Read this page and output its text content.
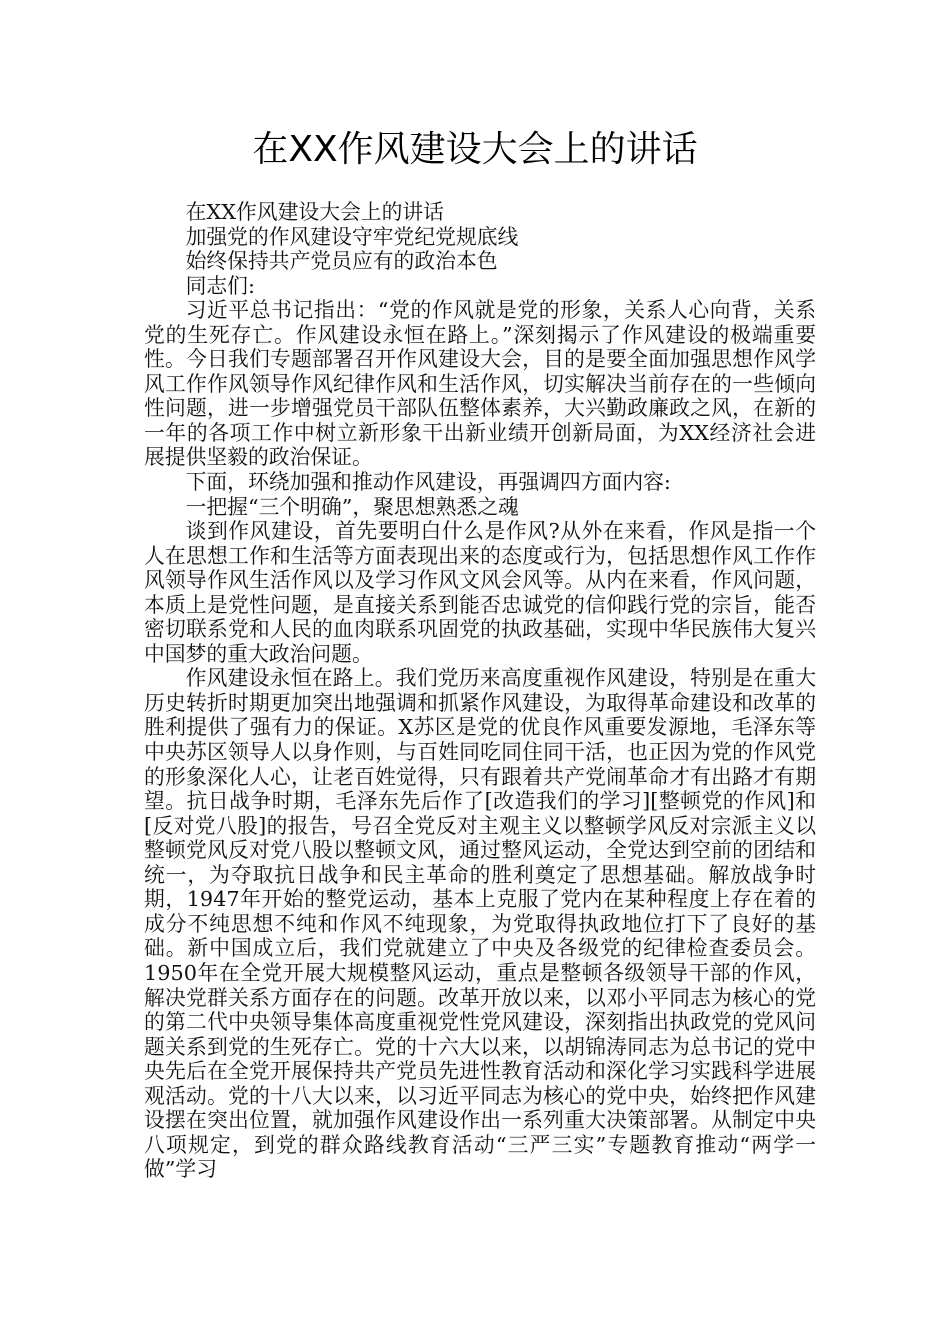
在XX作风建设大会上的讲话

在XX作风建设大会上的讲话

加强党的作风建设守牢党纪党规底线

始终保持共产党员应有的政治本色

同志们:

习近平总书记指出：“党的作风就是党的形象，关系人心向背，关系党的生死存亡。作风建设永恒在路上。”深刻揭示了作风建设的极端重要性。今日我们专题部署召开作风建设大会，目的是要全面加强思想作风学风工作作风领导作风纪律作风和生活作风，切实解决当前存在的一些倾向性问题，进一步增强党员干部队伍整体素养，大兴勤政廉政之风，在新的一年的各项工作中树立新形象干出新业绩开创新局面，为XX经济社会进展提供坚毅的政治保证。

下面，环绕加强和推动作风建设，再强调四方面内容:

一把握“三个明确”，聚思想熟悉之魂

谈到作风建设，首先要明白什么是作风?从外在来看，作风是指一个人在思想工作和生活等方面表现出来的态度或行为，包括思想作风工作作风领导作风生活作风以及学习作风文风会风等。从内在来看，作风问题，本质上是党性问题，是直接关系到能否忠诚党的信仰践行党的宗旨，能否密切联系党和人民的血肉联系巩固党的执政基础，实现中华民族伟大复兴中国梦的重大政治问题。

作风建设永恒在路上。我们党历来高度重视作风建设，特别是在重大历史转折时期更加突出地强调和抓紧作风建设，为取得革命建设和改革的胜利提供了强有力的保证。X苏区是党的优良作风重要发源地，毛泽东等中央苏区领导人以身作则，与百姓同吃同住同干活，也正因为党的作风党的形象深化人心，让老百姓觉得，只有跟着共产党闹革命才有出路才有期望。抗日战争时期，毛泽东先后作了[改造我们的学习][整顿党的作风]和[反对党八股]的报告，号召全党反对主观主义以整顿学风反对宗派主义以整顿党风反对党八股以整顿文风，通过整风运动，全党达到空前的团结和统一，为夺取抗日战争和民主革命的胜利奠定了思想基础。解放战争时期，1947年开始的整党运动，基本上克服了党内在某种程度上存在着的成分不纯思想不纯和作风不纯现象，为党取得执政地位打下了良好的基础。新中国成立后，我们党就建立了中央及各级党的纪律检查委员会。1950年在全党开展大规模整风运动，重点是整顿各级领导干部的作风，解决党群关系方面存在的问题。改革开放以来，以邓小平同志为核心的党的第二代中央领导集体高度重视党性党风建设，深刻指出执政党的党风问题关系到党的生死存亡。党的十六大以来，以胡锦涛同志为总书记的党中央先后在全党开展保持共产党员先进性教育活动和深化学习实践科学进展观活动。党的十八大以来，以习近平同志为核心的党中央，始终把作风建设摆在突出位置，就加强作风建设作出一系列重大决策部署。从制定中央八项规定，到党的群众路线教育活动“三严三实”专题教育推动“两学一做”学习
